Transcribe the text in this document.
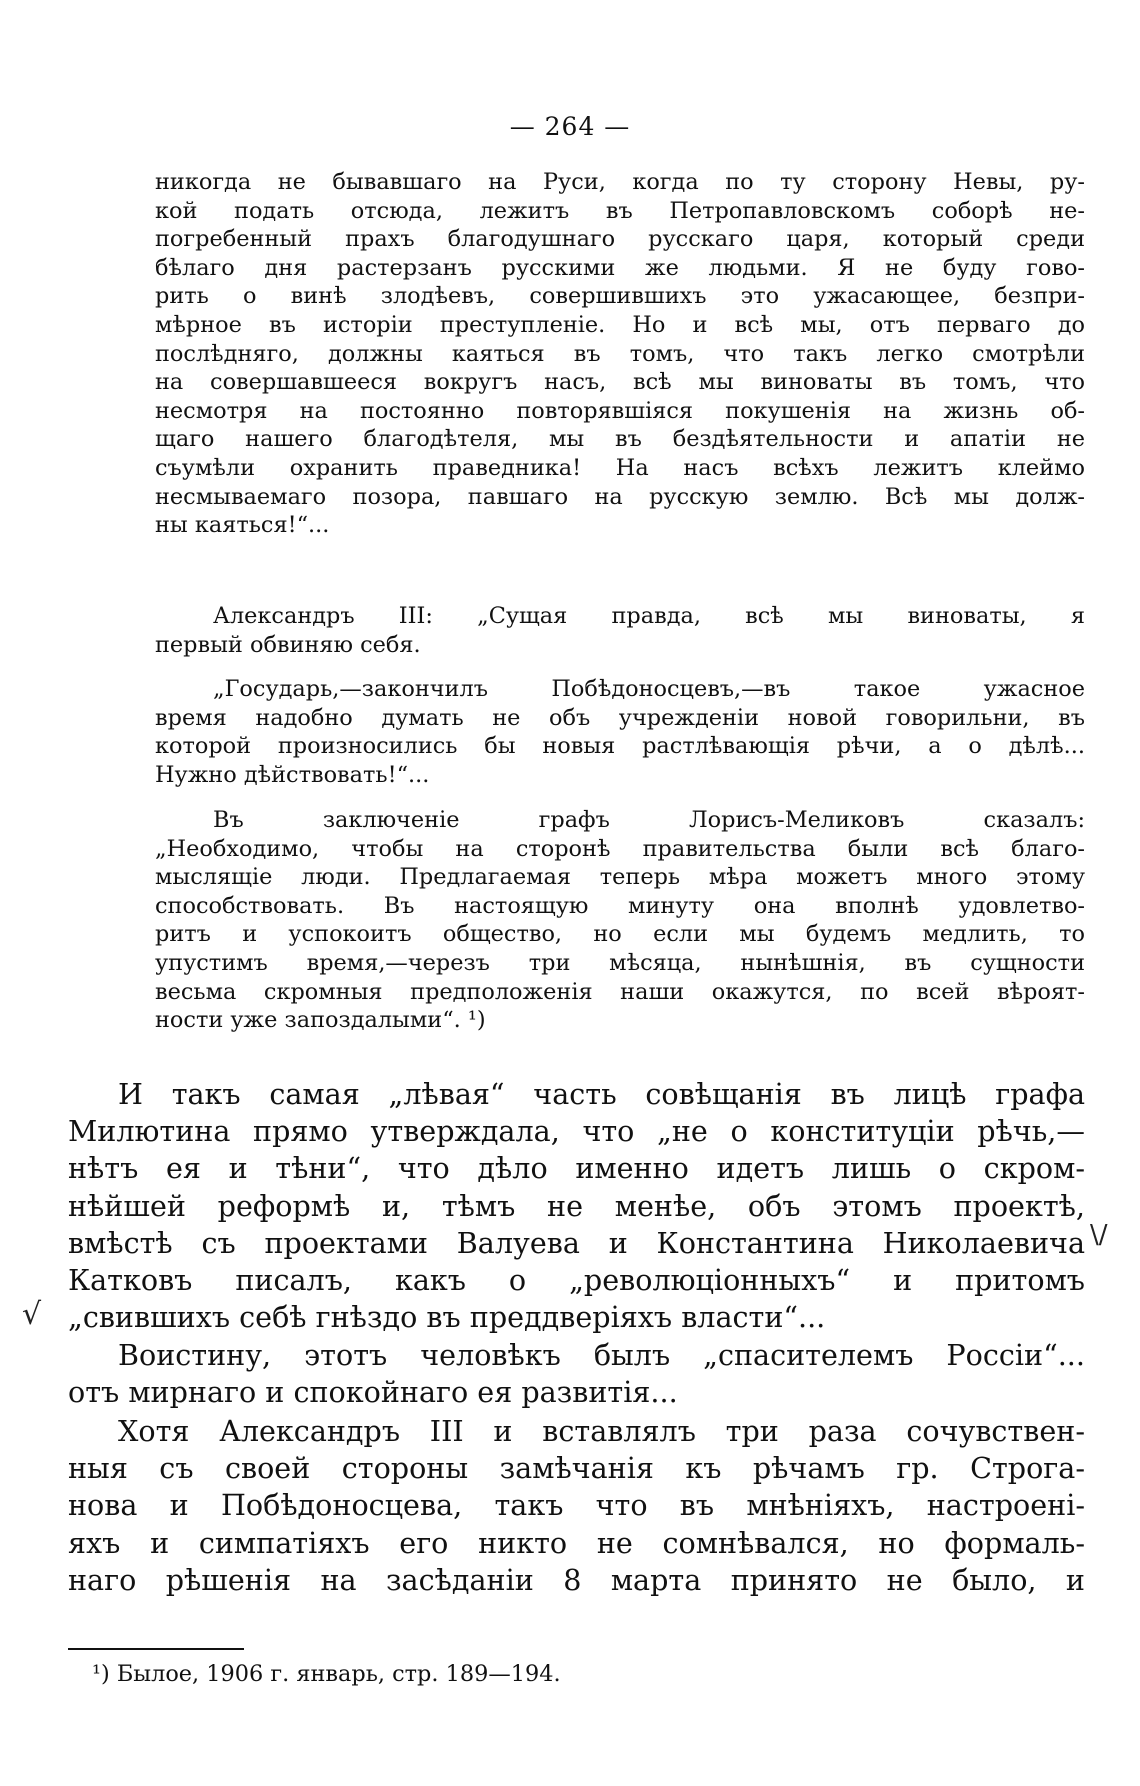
— 264 —
никогда не бывавшаго на Руси, когда по ту сторону Невы, ру-
кой подать отсюда, лежитъ въ Петропавловскомъ соборѣ не-
погребенный прахъ благодушнаго русскаго царя, который среди
бѣлаго дня растерзанъ русскими же людьми. Я не буду гово-
рить о винѣ злодѣевъ, совершившихъ это ужасающее, безпри-
мѣрное въ исторіи преступленіе. Но и всѣ мы, отъ перваго до
послѣдняго, должны каяться въ томъ, что такъ легко смотрѣли
на совершавшееся вокругъ насъ, всѣ мы виноваты въ томъ, что
несмотря на постоянно повторявшіяся покушенія на жизнь об-
щаго нашего благодѣтеля, мы въ бездѣятельности и апатіи не
съумѣли охранить праведника! На насъ всѣхъ лежитъ клеймо
несмываемаго позора, павшаго на русскую землю. Всѣ мы долж-
ны каяться!“...
Александръ III: „Сущая правда, всѣ мы виноваты, я
первый обвиняю себя.
„Государь,—закончилъ Побѣдоносцевъ,—въ такое ужасное
время надобно думать не объ учрежденіи новой говорильни, въ
которой произносились бы новыя растлѣвающія рѣчи, а о дѣлѣ...
Нужно дѣйствовать!“...
Въ заключеніе графъ Лорисъ-Меликовъ сказалъ:
„Необходимо, чтобы на сторонѣ правительства были всѣ благо-
мыслящіе люди. Предлагаемая теперь мѣра можетъ много этому
способствовать. Въ настоящую минуту она вполнѣ удовлетво-
ритъ и успокоитъ общество, но если мы будемъ медлить, то
упустимъ время,—черезъ три мѣсяца, нынѣшнія, въ сущности
весьма скромныя предположенія наши окажутся, по всей вѣроят-
ности уже запоздалыми“. ¹)
И такъ самая „лѣвая“ часть совѣщанія въ лицѣ графа
Милютина прямо утверждала, что „не о конституціи рѣчь,—
нѣтъ ея и тѣни“, что дѣло именно идетъ лишь о скром-
нѣйшей реформѣ и, тѣмъ не менѣе, объ этомъ проектѣ,
вмѣстѣ съ проектами Валуева и Константина Николаевича
Катковъ писалъ, какъ о „революціонныхъ“ и притомъ
„свившихъ себѣ гнѣздо въ преддверіяхъ власти“...
Воистину, этотъ человѣкъ былъ „спасителемъ Россіи“...
отъ мирнаго и спокойнаго ея развитія...
Хотя Александръ III и вставлялъ три раза сочувствен-
ныя съ своей стороны замѣчанія къ рѣчамъ гр. Строга-
нова и Побѣдоносцева, такъ что въ мнѣніяхъ, настроені-
яхъ и симпатіяхъ его никто не сомнѣвался, но формаль-
наго рѣшенія на засѣданіи 8 марта принято не было, и
¹) Былое, 1906 г. январь, стр. 189—194.
√
\/
